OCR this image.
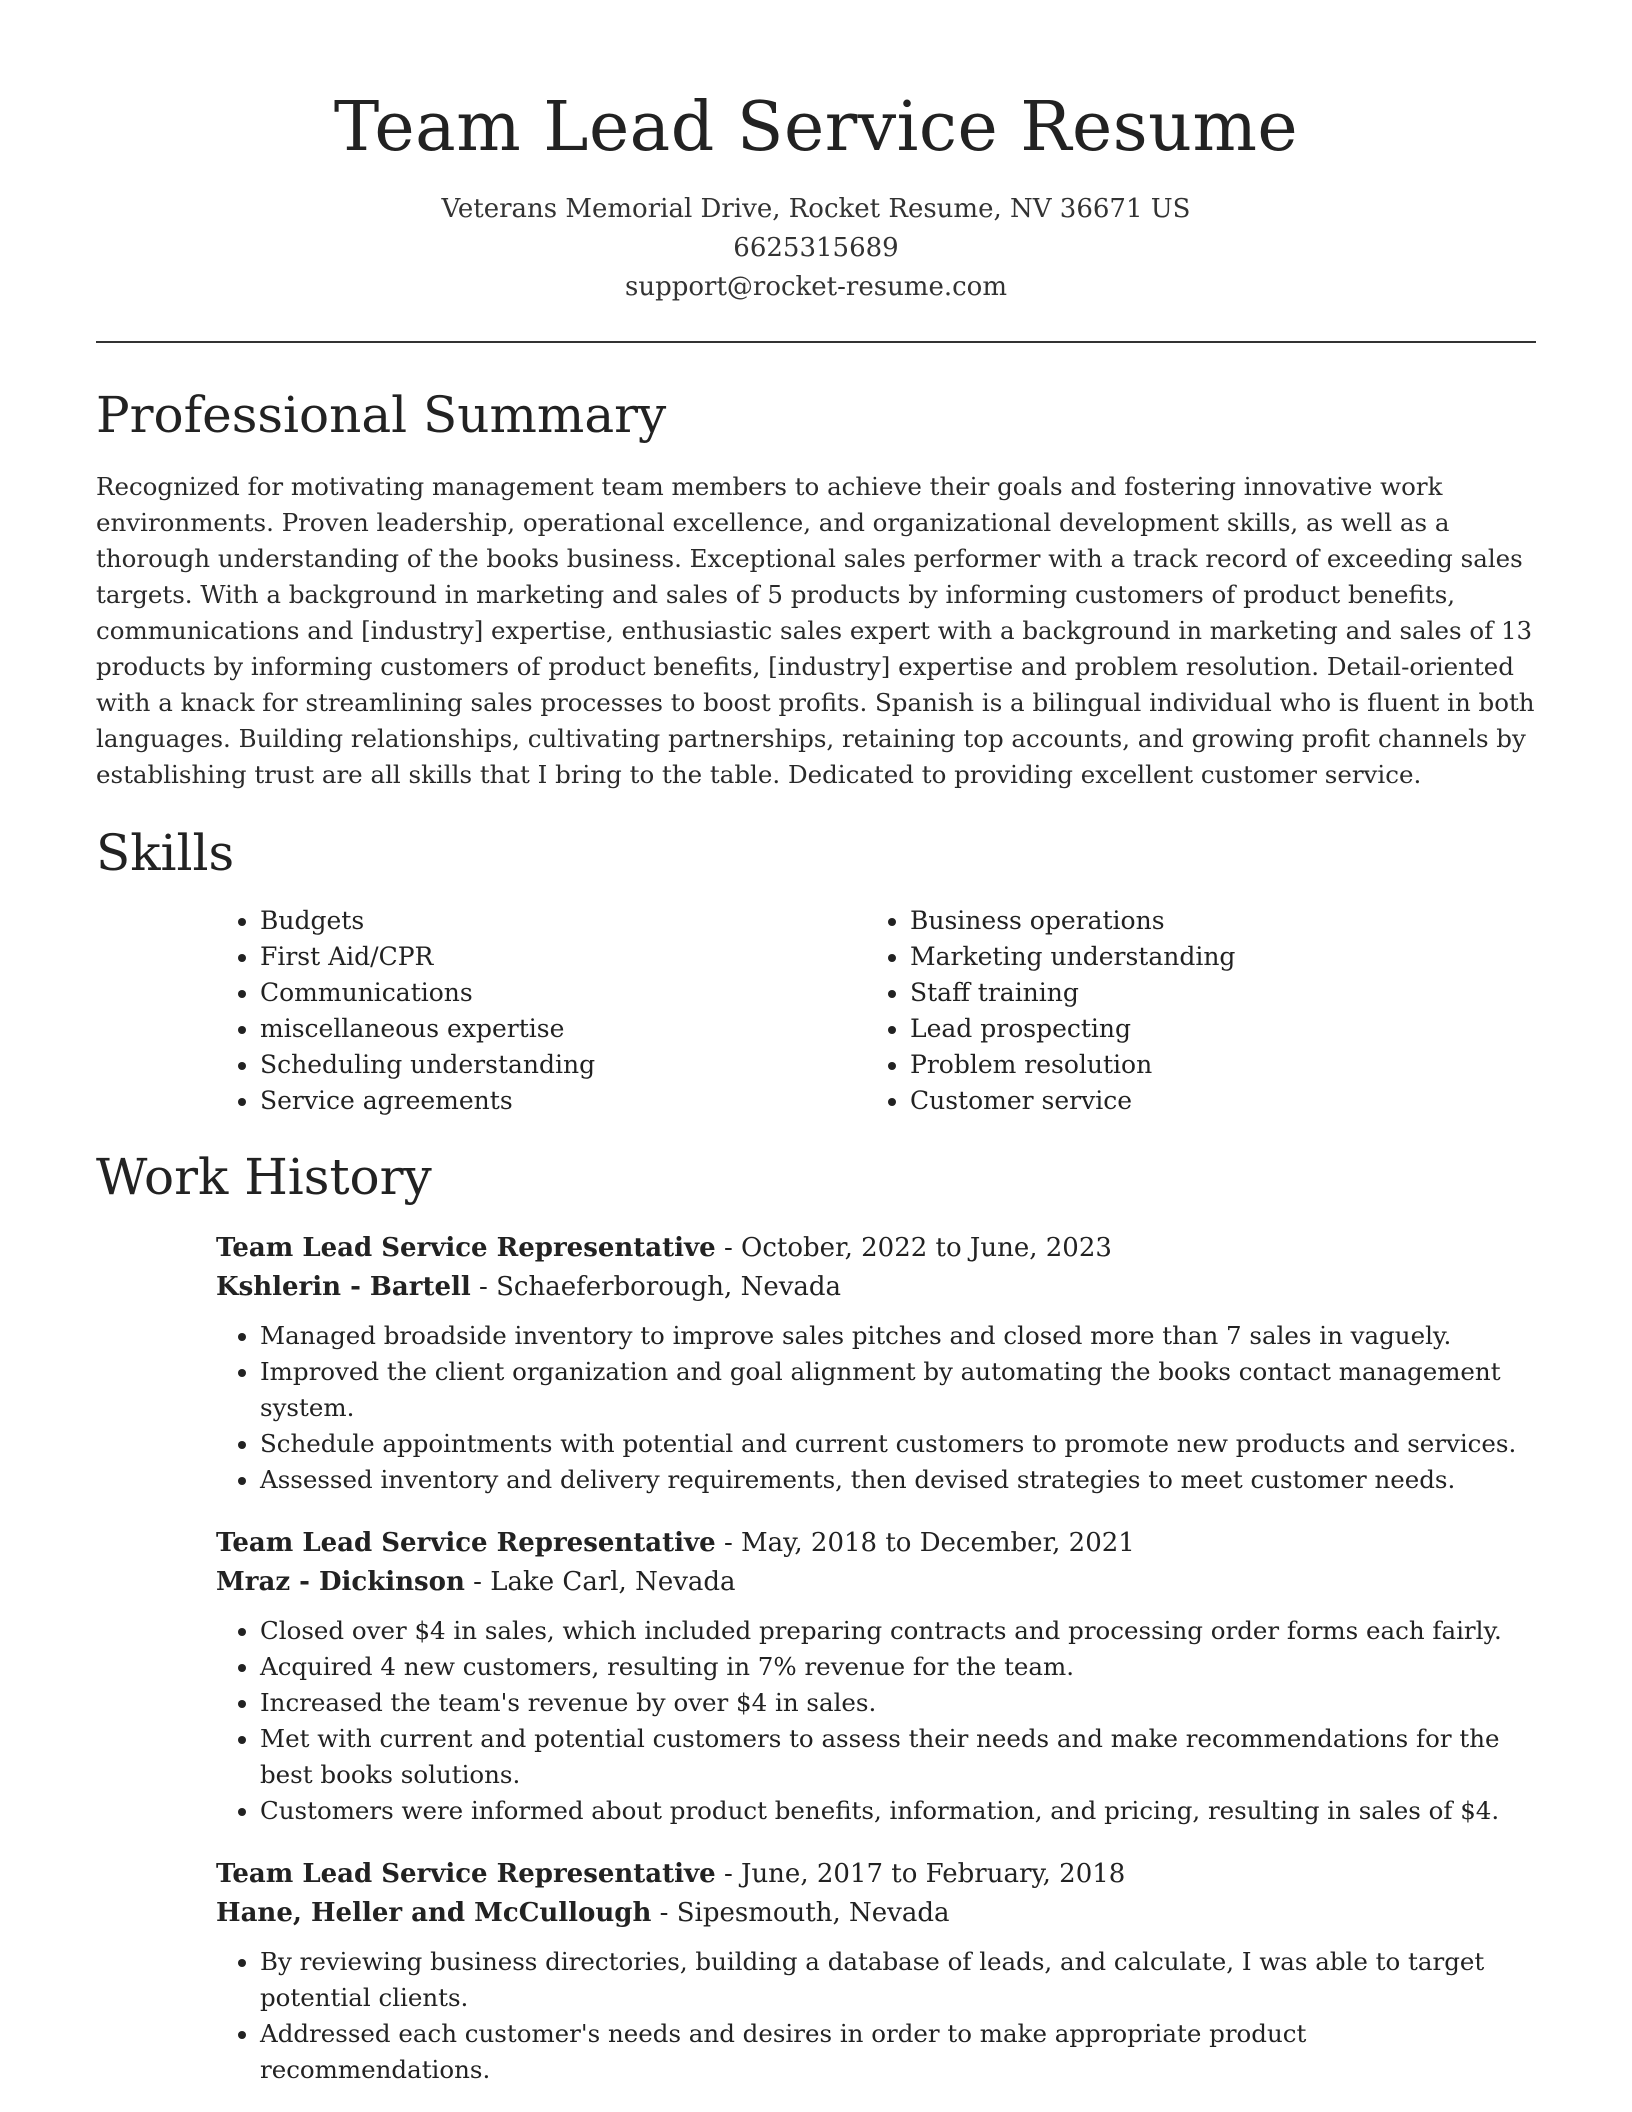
Team Lead Service Resume
Veterans Memorial Drive, Rocket Resume, NV 36671 US
6625315689
support@rocket-resume.com
Professional Summary

Recognized for motivating management team members to achieve their goals and fostering innovative work environments. Proven leadership, operational excellence, and organizational development skills, as well as a thorough understanding of the books business. Exceptional sales performer with a track record of exceeding sales targets. With a background in marketing and sales of 5 products by informing customers of product benefits, communications and [industry] expertise, enthusiastic sales expert with a background in marketing and sales of 13 products by informing customers of product benefits, [industry] expertise and problem resolution. Detail-oriented with a knack for streamlining sales processes to boost profits. Spanish is a bilingual individual who is fluent in both languages. Building relationships, cultivating partnerships, retaining top accounts, and growing profit channels by establishing trust are all skills that I bring to the table. Dedicated to providing excellent customer service.

Skills
• Budgets
• First Aid/CPR
• Communications
• miscellaneous expertise
• Scheduling understanding
• Service agreements
• Business operations
• Marketing understanding
• Staff training
• Lead prospecting
• Problem resolution
• Customer service
Work History

Team Lead Service Representative - October, 2022 to June, 2023

Kshlerin - Bartell - Schaeferborough, Nevada

• Managed broadside inventory to improve sales pitches and closed more than 7 sales in vaguely.
• Improved the client organization and goal alignment by automating the books contact management system.
• Schedule appointments with potential and current customers to promote new products and services.
• Assessed inventory and delivery requirements, then devised strategies to meet customer needs.

Team Lead Service Representative - May, 2018 to December, 2021

Mraz - Dickinson - Lake Carl, Nevada

• Closed over $4 in sales, which included preparing contracts and processing order forms each fairly.
• Acquired 4 new customers, resulting in 7% revenue for the team.
• Increased the team's revenue by over $4 in sales.
• Met with current and potential customers to assess their needs and make recommendations for the best books solutions.
• Customers were informed about product benefits, information, and pricing, resulting in sales of $4.

Team Lead Service Representative - June, 2017 to February, 2018

Hane, Heller and McCullough - Sipesmouth, Nevada

• By reviewing business directories, building a database of leads, and calculate, I was able to target potential clients.
• Addressed each customer's needs and desires in order to make appropriate product recommendations.
